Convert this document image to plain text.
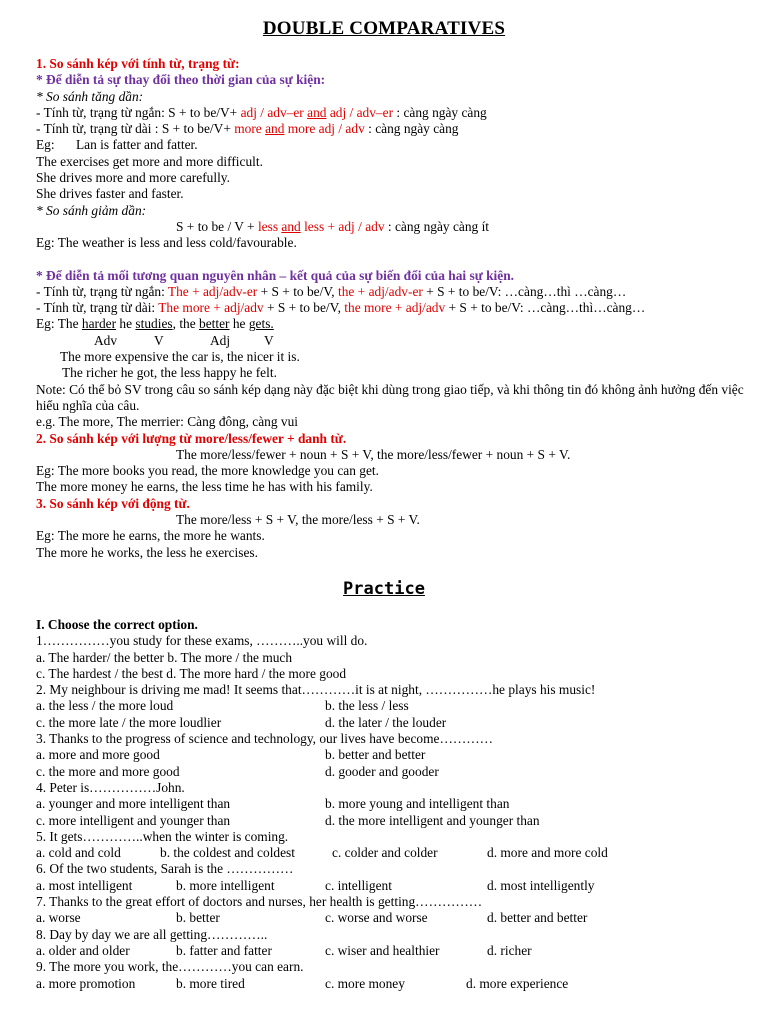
DOUBLE COMPARATIVES
1. So sánh kép với tính từ, trạng từ:
* Để diễn tả sự thay đổi theo thời gian của sự kiện:
* So sánh tăng dần:
- Tính từ, trạng từ ngắn: S + to be/V+ adj / adv–er and adj / adv–er : càng ngày càng
- Tính từ, trạng từ dài : S + to be/V+ more and more adj / adv : càng ngày càng
Eg: Lan is fatter and fatter.
The exercises get more and more difficult.
She drives more and more carefully.
She drives faster and faster.
* So sánh giảm dần:
S + to be / V + less and less + adj / adv : càng ngày càng ít
Eg: The weather is less and less cold/favourable.
* Để diễn tả mối tương quan nguyên nhân – kết quả của sự biến đổi của hai sự kiện.
- Tính từ, trạng từ ngắn: The + adj/adv-er + S + to be/V, the + adj/adv-er + S + to be/V: …càng…thì …càng…
- Tính từ, trạng từ dài: The more + adj/adv + S + to be/V, the more + adj/adv + S + to be/V: …càng…thì…càng…
Eg: The harder he studies, the better he gets.
Adv	V	Adj	V
The more expensive the car is, the nicer it is.
The richer he got, the less happy he felt.
Note: Có thể bỏ SV trong câu so sánh kép dạng này đặc biệt khi dùng trong giao tiếp, và khi thông tin đó không ảnh hưởng đến việc hiểu nghĩa của câu.
e.g. The more, The merrier: Càng đông, càng vui
2. So sánh kép với lượng từ more/less/fewer + danh từ.
The more/less/fewer + noun + S + V, the more/less/fewer + noun + S + V.
Eg: The more books you read, the more knowledge you can get.
The more money he earns, the less time he has with his family.
3. So sánh kép với động từ.
The more/less + S + V, the more/less + S + V.
Eg: The more he earns, the more he wants.
The more he works, the less he exercises.
Practice
I. Choose the correct option.
1……………you study for these exams, ………..you will do.
a. The harder/ the better b. The more / the much
c. The hardest / the best d. The more hard / the more good
2. My neighbour is driving me mad! It seems that…………it is at night, ……………he plays his music!
a. the less / the more loud	b. the less / less
c. the more late / the more loudlier	d. the later / the louder
3. Thanks to the progress of science and technology, our lives have become…………
a. more and more good	b. better and better
c. the more and more good	d. gooder and gooder
4. Peter is……………John.
a. younger and more intelligent than	b. more young and intelligent than
c. more intelligent and younger than	d. the more intelligent and younger than
5. It gets…………..when the winter is coming.
a. cold and cold	b. the coldest and coldest	c. colder and colder	d. more and more cold
6. Of the two students, Sarah is the ……………
a. most intelligent	b. more intelligent	c. intelligent	d. most intelligently
7. Thanks to the great effort of doctors and nurses, her health is getting……………
a. worse	b. better	c. worse and worse	d. better and better
8. Day by day we are all getting…………..
a. older and older	b. fatter and fatter	c. wiser and healthier	d. richer
9. The more you work, the…………you can earn.
a. more promotion	b. more tired	c. more money	d. more experience
